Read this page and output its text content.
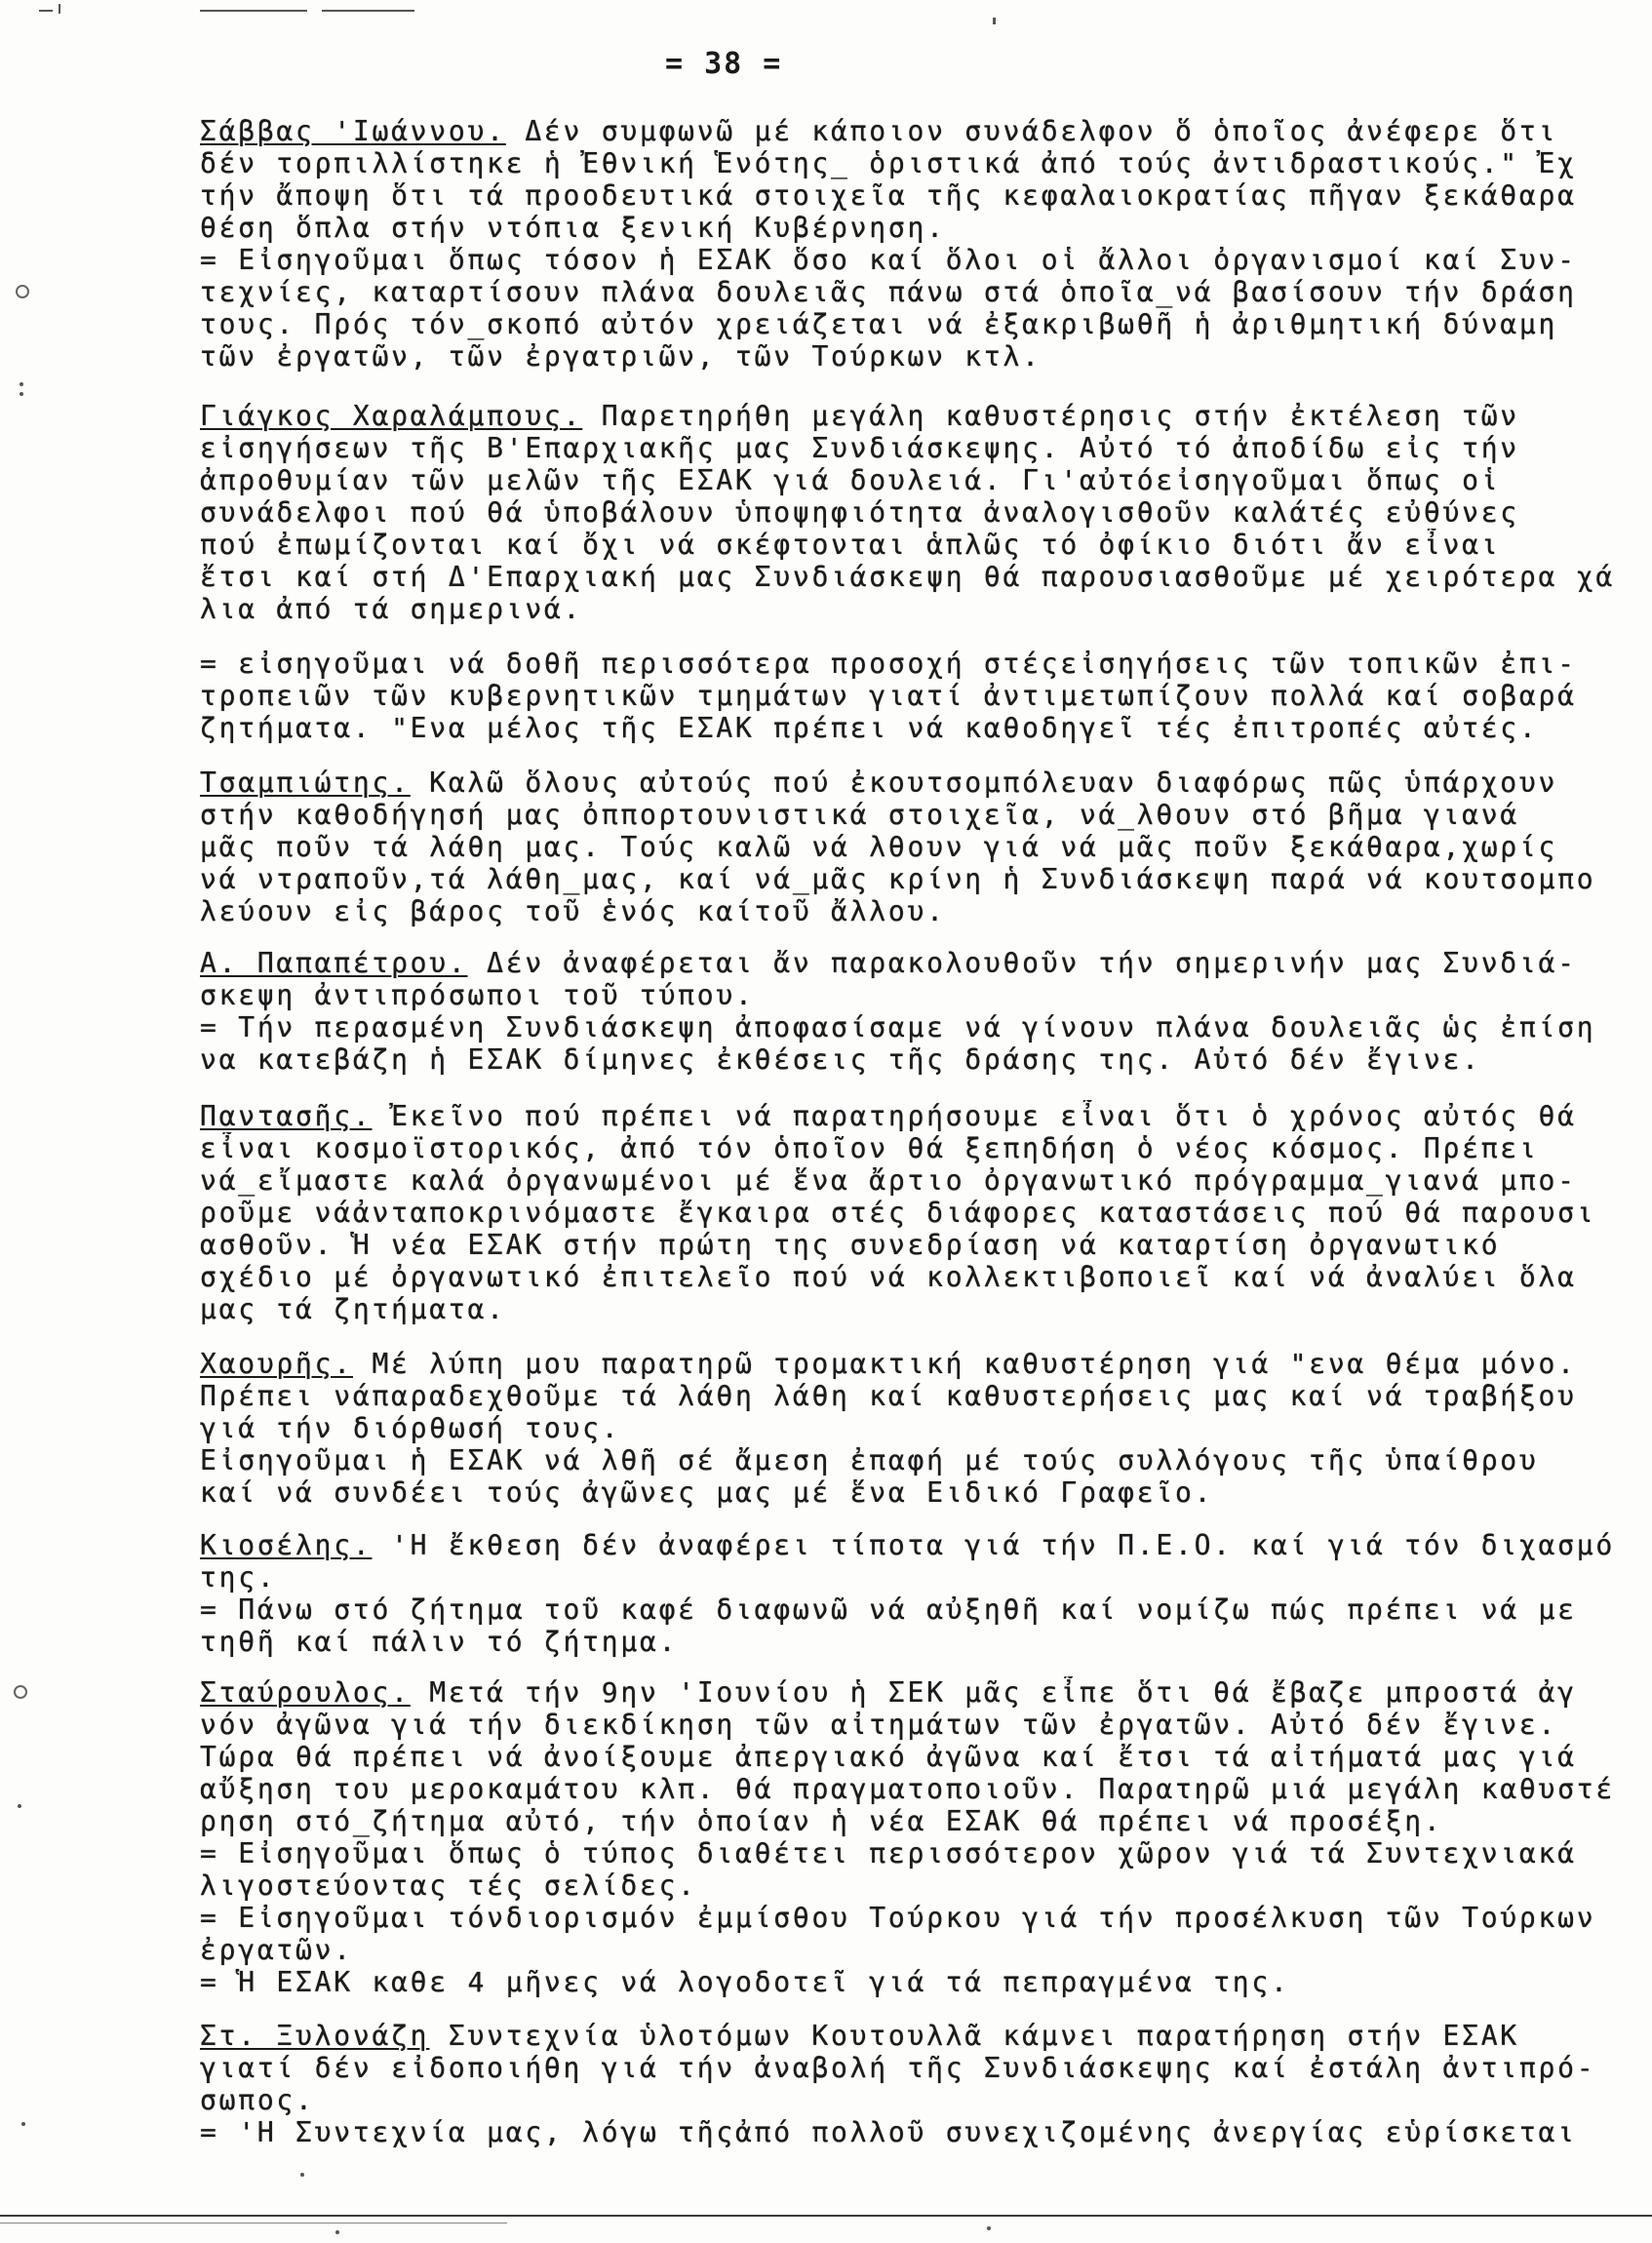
= 38 =
Σάββας 'Ιωάννου. Δέν συμφωνῶ μέ κάποιον συνάδελφον ὅ ὁποῖος ἀνέφερε ὅτι
δέν τορπιλλίστηκε ἡ Ἐθνική Ἑνότης_ ὁριστικά ἀπό τούς ἀντιδραστικούς." Ἐχ
τήν ἄποψη ὅτι τά προοδευτικά στοιχεῖα τῆς κεφαλαιοκρατίας πῆγαν ξεκάθαρα
θέση ὅπλα στήν ντόπια ξενική Κυβέρνηση.
= Εἰσηγοῦμαι ὅπως τόσον ἡ ΕΣΑΚ ὅσο καί ὅλοι οἱ ἄλλοι ὀργανισμοί καί Συν-
τεχνίες, καταρτίσουν πλάνα δουλειᾶς πάνω στά ὁποῖα_νά βασίσουν τήν δράση
τους. Πρός τόν_σκοπό αὐτόν χρειάζεται νά ἐξακριβωθῆ ἡ ἀριθμητική δύναμη
τῶν ἐργατῶν, τῶν ἐργατριῶν, τῶν Τούρκων κτλ.
Γιάγκος Χαραλάμπους. Παρετηρήθη μεγάλη καθυστέρησις στήν ἐκτέλεση τῶν
εἰσηγήσεων τῆς Β'Επαρχιακῆς μας Συνδιάσκεψης. Αὐτό τό ἀποδίδω εἰς τήν
ἀπροθυμίαν τῶν μελῶν τῆς ΕΣΑΚ γιά δουλειά. Γι'αὐτόεἰσηγοῦμαι ὅπως οἱ
συνάδελφοι πού θά ὑποβάλουν ὑποψηφιότητα ἀναλογισθοῦν καλάτές εὐθύνες
πού ἐπωμίζονται καί ὄχι νά σκέφτονται ἁπλῶς τό ὀφίκιο διότι ἄν εἶναι
ἔτσι καί στή Δ'Επαρχιακή μας Συνδιάσκεψη θά παρουσιασθοῦμε μέ χειρότερα χά
λια ἀπό τά σημερινά.
= εἰσηγοῦμαι νά δοθῆ περισσότερα προσοχή στέςεἰσηγήσεις τῶν τοπικῶν ἐπι-
τροπειῶν τῶν κυβερνητικῶν τμημάτων γιατί ἀντιμετωπίζουν πολλά καί σοβαρά
ζητήματα. "Ενα μέλος τῆς ΕΣΑΚ πρέπει νά καθοδηγεῖ τές ἐπιτροπές αὐτές.
Τσαμπιώτης. Καλῶ ὅλους αὐτούς πού ἐκουτσομπόλευαν διαφόρως πῶς ὑπάρχουν
στήν καθοδήγησή μας ὀππορτουνιστικά στοιχεῖα, νά_λθουν στό βῆμα γιανά
μᾶς ποῦν τά λάθη μας. Τούς καλῶ νά λθουν γιά νά μᾶς ποῦν ξεκάθαρα,χωρίς
νά ντραποῦν,τά λάθη_μας, καί νά_μᾶς κρίνη ἡ Συνδιάσκεψη παρά νά κουτσομπο
λεύουν εἰς βάρος τοῦ ἑνός καίτοῦ ἄλλου.
Α. Παπαπέτρου. Δέν ἀναφέρεται ἄν παρακολουθοῦν τήν σημερινήν μας Συνδιά-
σκεψη ἀντιπρόσωποι τοῦ τύπου.
= Τήν περασμένη Συνδιάσκεψη ἀποφασίσαμε νά γίνουν πλάνα δουλειᾶς ὡς ἐπίση
να κατεβάζη ἡ ΕΣΑΚ δίμηνες ἐκθέσεις τῆς δράσης της. Αὐτό δέν ἔγινε.
Παντασῆς. Ἐκεῖνο πού πρέπει νά παρατηρήσουμε εἶναι ὅτι ὁ χρόνος αὐτός θά
εἶναι κοσμοϊστορικός, ἀπό τόν ὁποῖον θά ξεπηδήση ὁ νέος κόσμος. Πρέπει
νά_εἴμαστε καλά ὀργανωμένοι μέ ἕνα ἄρτιο ὀργανωτικό πρόγραμμα_γιανά μπο-
ροῦμε νάἀνταποκρινόμαστε ἔγκαιρα στές διάφορες καταστάσεις πού θά παρουσι
ασθοῦν. Ἡ νέα ΕΣΑΚ στήν πρώτη της συνεδρίαση νά καταρτίση ὀργανωτικό
σχέδιο μέ ὀργανωτικό ἐπιτελεῖο πού νά κολλεκτιβοποιεῖ καί νά ἀναλύει ὅλα
μας τά ζητήματα.
Χαουρῆς. Μέ λύπη μου παρατηρῶ τρομακτική καθυστέρηση γιά "ενα θέμα μόνο.
Πρέπει νάπαραδεχθοῦμε τά λάθη λάθη καί καθυστερήσεις μας καί νά τραβήξου
γιά τήν διόρθωσή τους.
Εἰσηγοῦμαι ἡ ΕΣΑΚ νά λθῆ σέ ἄμεση ἐπαφή μέ τούς συλλόγους τῆς ὑπαίθρου
καί νά συνδέει τούς ἀγῶνες μας μέ ἕνα Ειδικό Γραφεῖο.
Κιοσέλης. 'Η ἔκθεση δέν ἀναφέρει τίποτα γιά τήν Π.Ε.Ο. καί γιά τόν διχασμό
της.
= Πάνω στό ζήτημα τοῦ καφέ διαφωνῶ νά αὐξηθῆ καί νομίζω πώς πρέπει νά με
τηθῆ καί πάλιν τό ζήτημα.
Σταύρουλος. Μετά τήν 9ην 'Ιουνίου ἡ ΣΕΚ μᾶς εἶπε ὅτι θά ἔβαζε μπροστά ἀγ
νόν ἀγῶνα γιά τήν διεκδίκηση τῶν αἰτημάτων τῶν ἐργατῶν. Αὐτό δέν ἔγινε.
Τώρα θά πρέπει νά ἀνοίξουμε ἀπεργιακό ἀγῶνα καί ἔτσι τά αἰτήματά μας γιά
αὔξηση του μεροκαμάτου κλπ. θά πραγματοποιοῦν. Παρατηρῶ μιά μεγάλη καθυστέ
ρηση στό_ζήτημα αὐτό, τήν ὁποίαν ἡ νέα ΕΣΑΚ θά πρέπει νά προσέξη.
= Εἰσηγοῦμαι ὅπως ὁ τύπος διαθέτει περισσότερον χῶρον γιά τά Συντεχνιακά
λιγοστεύοντας τές σελίδες.
= Εἰσηγοῦμαι τόνδιορισμόν ἐμμίσθου Τούρκου γιά τήν προσέλκυση τῶν Τούρκων
ἐργατῶν.
= Ἡ ΕΣΑΚ καθε 4 μῆνες νά λογοδοτεῖ γιά τά πεπραγμένα της.
Στ. Ξυλονάζη Συντεχνία ὑλοτόμων Κουτουλλᾶ κάμνει παρατήρηση στήν ΕΣΑΚ
γιατί δέν εἰδοποιήθη γιά τήν ἀναβολή τῆς Συνδιάσκεψης καί ἐστάλη ἀντιπρό-
σωπος.
= 'Η Συντεχνία μας, λόγω τῆςἀπό πολλοῦ συνεχιζομένης ἀνεργίας εὑρίσκεται
